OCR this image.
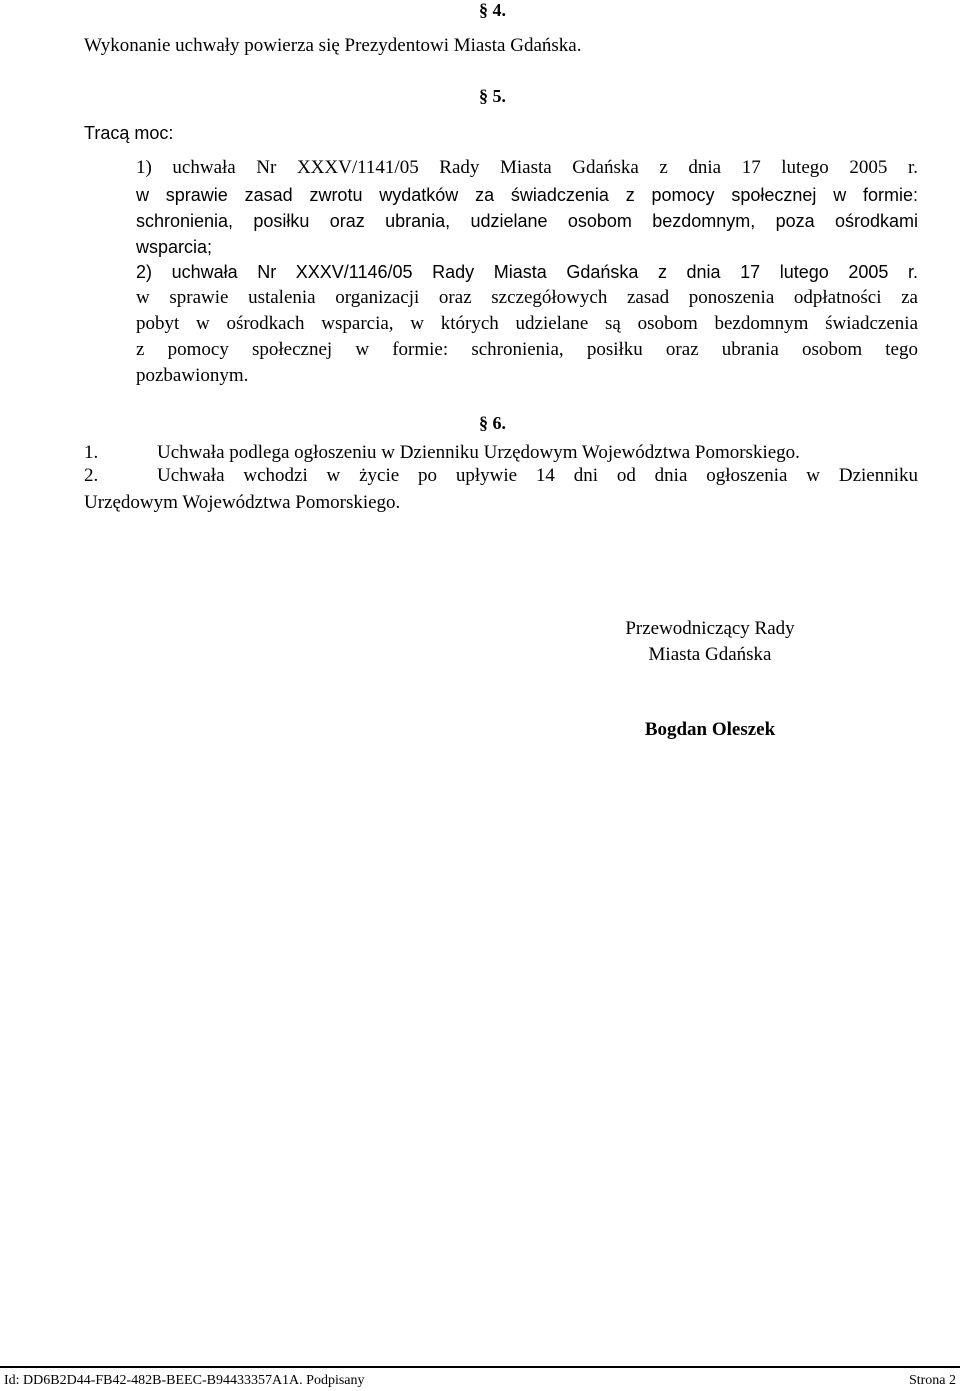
§ 4.
Wykonanie uchwały powierza się Prezydentowi Miasta Gdańska.
§ 5.
Tracą moc:
1) uchwała Nr XXXV/1141/05 Rady Miasta Gdańska z dnia 17 lutego 2005 r.
w sprawie zasad zwrotu wydatków za świadczenia z pomocy społecznej w formie:
schronienia, posiłku oraz ubrania, udzielane osobom bezdomnym, poza ośrodkami
wsparcia;
2) uchwała Nr XXXV/1146/05 Rady Miasta Gdańska z dnia 17 lutego 2005 r.
w sprawie ustalenia organizacji oraz szczegółowych zasad ponoszenia odpłatności za
pobyt w ośrodkach wsparcia, w których udzielane są osobom bezdomnym świadczenia
z pomocy społecznej w formie: schronienia, posiłku oraz ubrania osobom tego
pozbawionym.
§ 6.
1.	Uchwała podlega ogłoszeniu w Dzienniku Urzędowym Województwa Pomorskiego.
2.	Uchwała wchodzi w życie po upływie 14 dni od dnia ogłoszenia w Dzienniku
Urzędowym Województwa Pomorskiego.
Przewodniczący Rady
Miasta Gdańska
Bogdan Oleszek
Id: DD6B2D44-FB42-482B-BEEC-B94433357A1A. Podpisany	Strona 2
